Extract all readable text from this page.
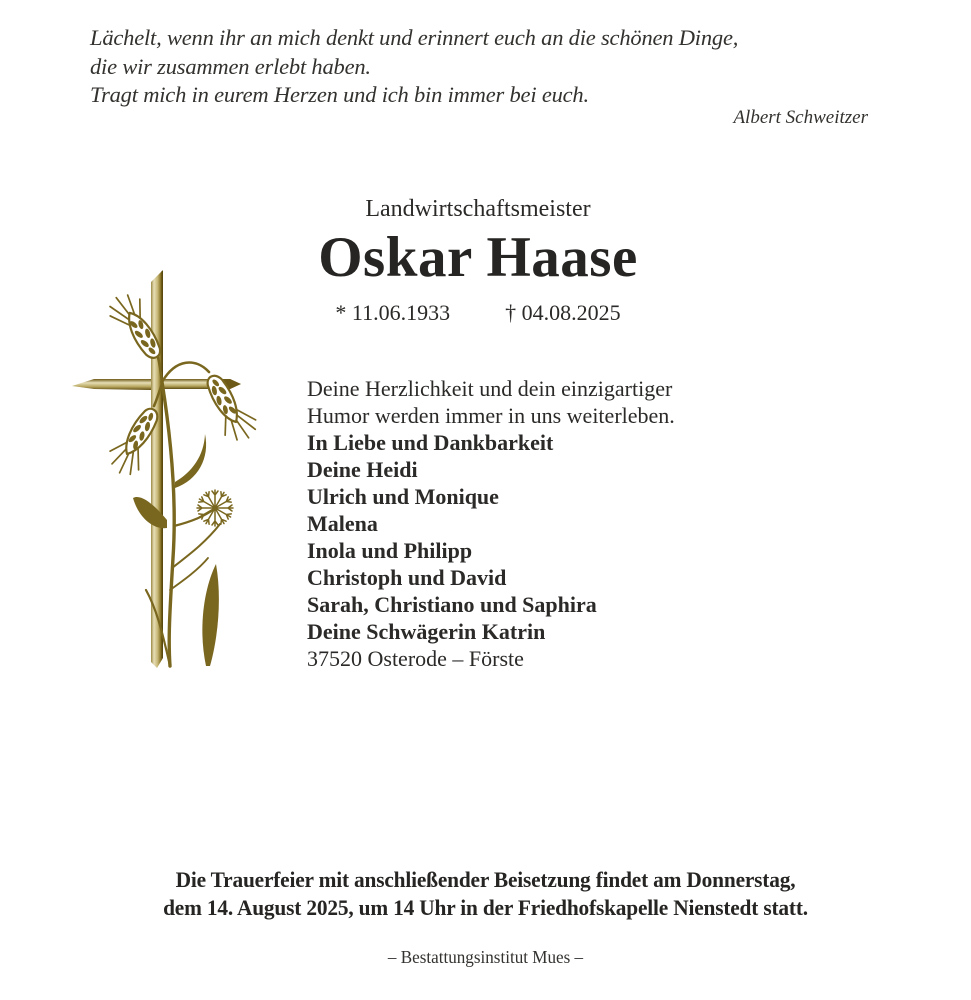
Lächelt, wenn ihr an mich denkt und erinnert euch an die schönen Dinge,
die wir zusammen erlebt haben.
Tragt mich in eurem Herzen und ich bin immer bei euch.
Albert Schweitzer
Landwirtschaftsmeister
Oskar Haase
* 11.06.1933	† 04.08.2025
Deine Herzlichkeit und dein einzigartiger
Humor werden immer in uns weiterleben.
In Liebe und Dankbarkeit
Deine Heidi
Ulrich und Monique
Malena
Inola und Philipp
Christoph und David
Sarah, Christiano und Saphira
Deine Schwägerin Katrin
37520 Osterode – Förste
Die Trauerfeier mit anschließender Beisetzung findet am Donnerstag,
dem 14. August 2025, um 14 Uhr in der Friedhofskapelle Nienstedt statt.
– Bestattungsinstitut Mues –
